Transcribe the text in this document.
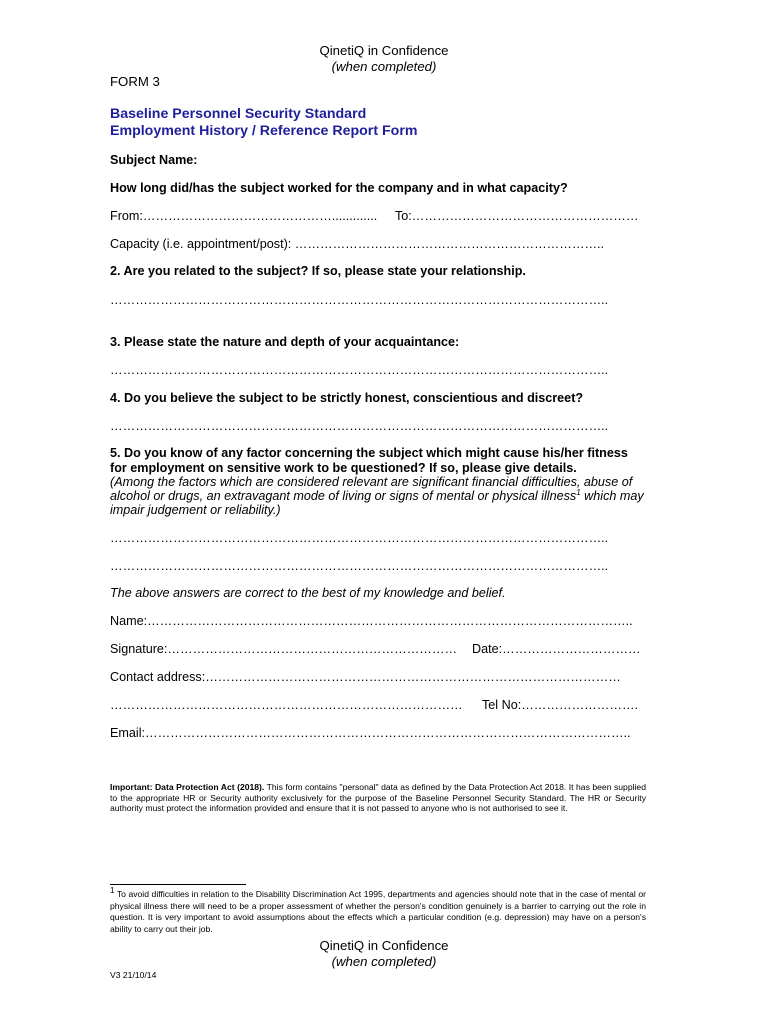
QinetiQ in Confidence
(when completed)
FORM 3
Baseline Personnel Security Standard
Employment History / Reference Report Form
Subject Name:
How long did/has the subject worked for the company and in what capacity?
From:………………………………………............. To:………………………………………………
Capacity (i.e. appointment/post): ………………………………………………………………..
2. Are you related to the subject? If so, please state your relationship.
………………………………………………………………………………………………………..
3. Please state the nature and depth of your acquaintance:
………………………………………………………………………………………………………..
4. Do you believe the subject to be strictly honest, conscientious and discreet?
………………………………………………………………………………………………………..
5. Do you know of any factor concerning the subject which might cause his/her fitness
for employment on sensitive work to be questioned? If so, please give details.
(Among the factors which are considered relevant are significant financial difficulties, abuse of
alcohol or drugs, an extravagant mode of living or signs of mental or physical illness$^1$ which may
impair judgement or reliability.)
………………………………………………………………………………………………………..
………………………………………………………………………………………………………..
The above answers are correct to the best of my knowledge and belief.
Name:……………………………………………………………………………………………………..
Signature:…………………………………………………………… Date:……………………………
Contact address:………………………………………………………………………………………
………………………………………………………………………… Tel No:……………………….
Email:……………………………………………………………………………………………………..
Important: Data Protection Act (2018). This form contains "personal" data as defined by the Data Protection Act 2018. It has been supplied to the appropriate HR or Security authority exclusively for the purpose of the Baseline Personnel Security Standard. The HR or Security authority must protect the information provided and ensure that it is not passed to anyone who is not authorised to see it.
$^1$ To avoid difficulties in relation to the Disability Discrimination Act 1995, departments and agencies should note that in the case of mental or physical illness there will need to be a proper assessment of whether the person's condition genuinely is a barrier to carrying out the role in question. It is very important to avoid assumptions about the effects which a particular condition (e.g. depression) may have on a person's ability to carry out their job.
QinetiQ in Confidence
(when completed)
V3 21/10/14
